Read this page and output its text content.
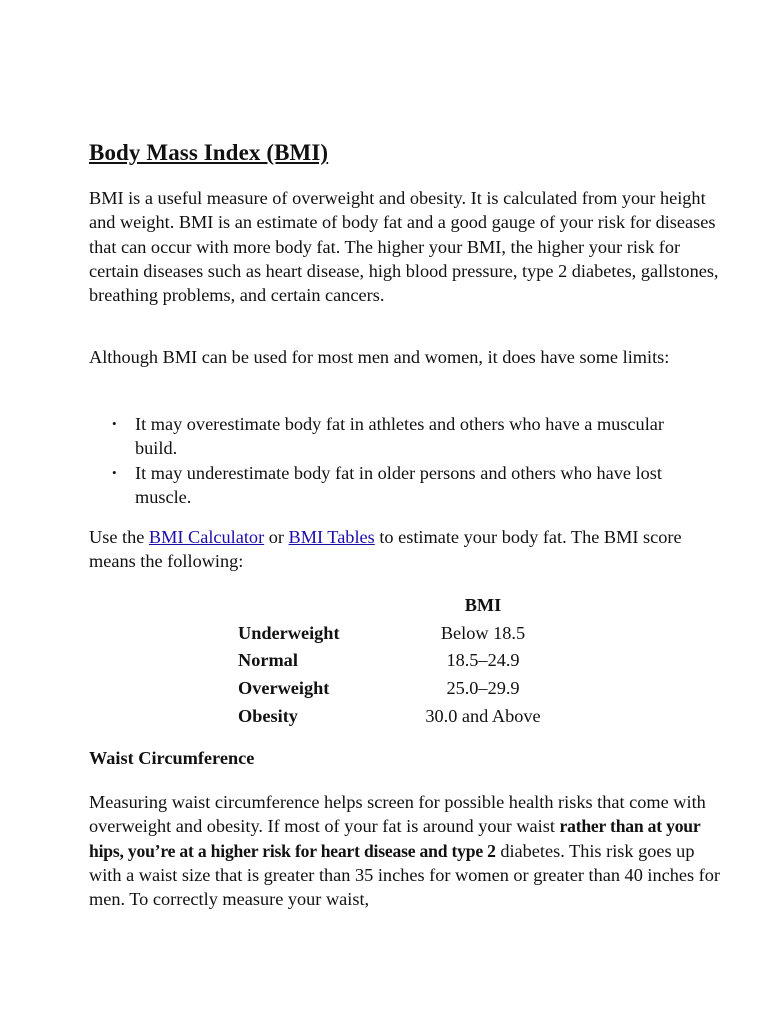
Body Mass Index (BMI)

BMI is a useful measure of overweight and obesity. It is calculated from your height and weight. BMI is an estimate of body fat and a good gauge of your risk for diseases that can occur with more body fat. The higher your BMI, the higher your risk for certain diseases such as heart disease, high blood pressure, type 2 diabetes, gallstones, breathing problems, and certain cancers.

Although BMI can be used for most men and women, it does have some limits:

• It may overestimate body fat in athletes and others who have a muscular build.
• It may underestimate body fat in older persons and others who have lost muscle.

Use the BMI Calculator or BMI Tables to estimate your body fat. The BMI score means the following:

	BMI
Underweight	Below 18.5
Normal	18.5–24.9
Overweight	25.0–29.9
Obesity	30.0 and Above
Waist Circumference

Measuring waist circumference helps screen for possible health risks that come with overweight and obesity. If most of your fat is around your waist rather than at your hips, you’re at a higher risk for heart disease and type 2 diabetes. This risk goes up with a waist size that is greater than 35 inches for women or greater than 40 inches for men. To correctly measure your waist,
